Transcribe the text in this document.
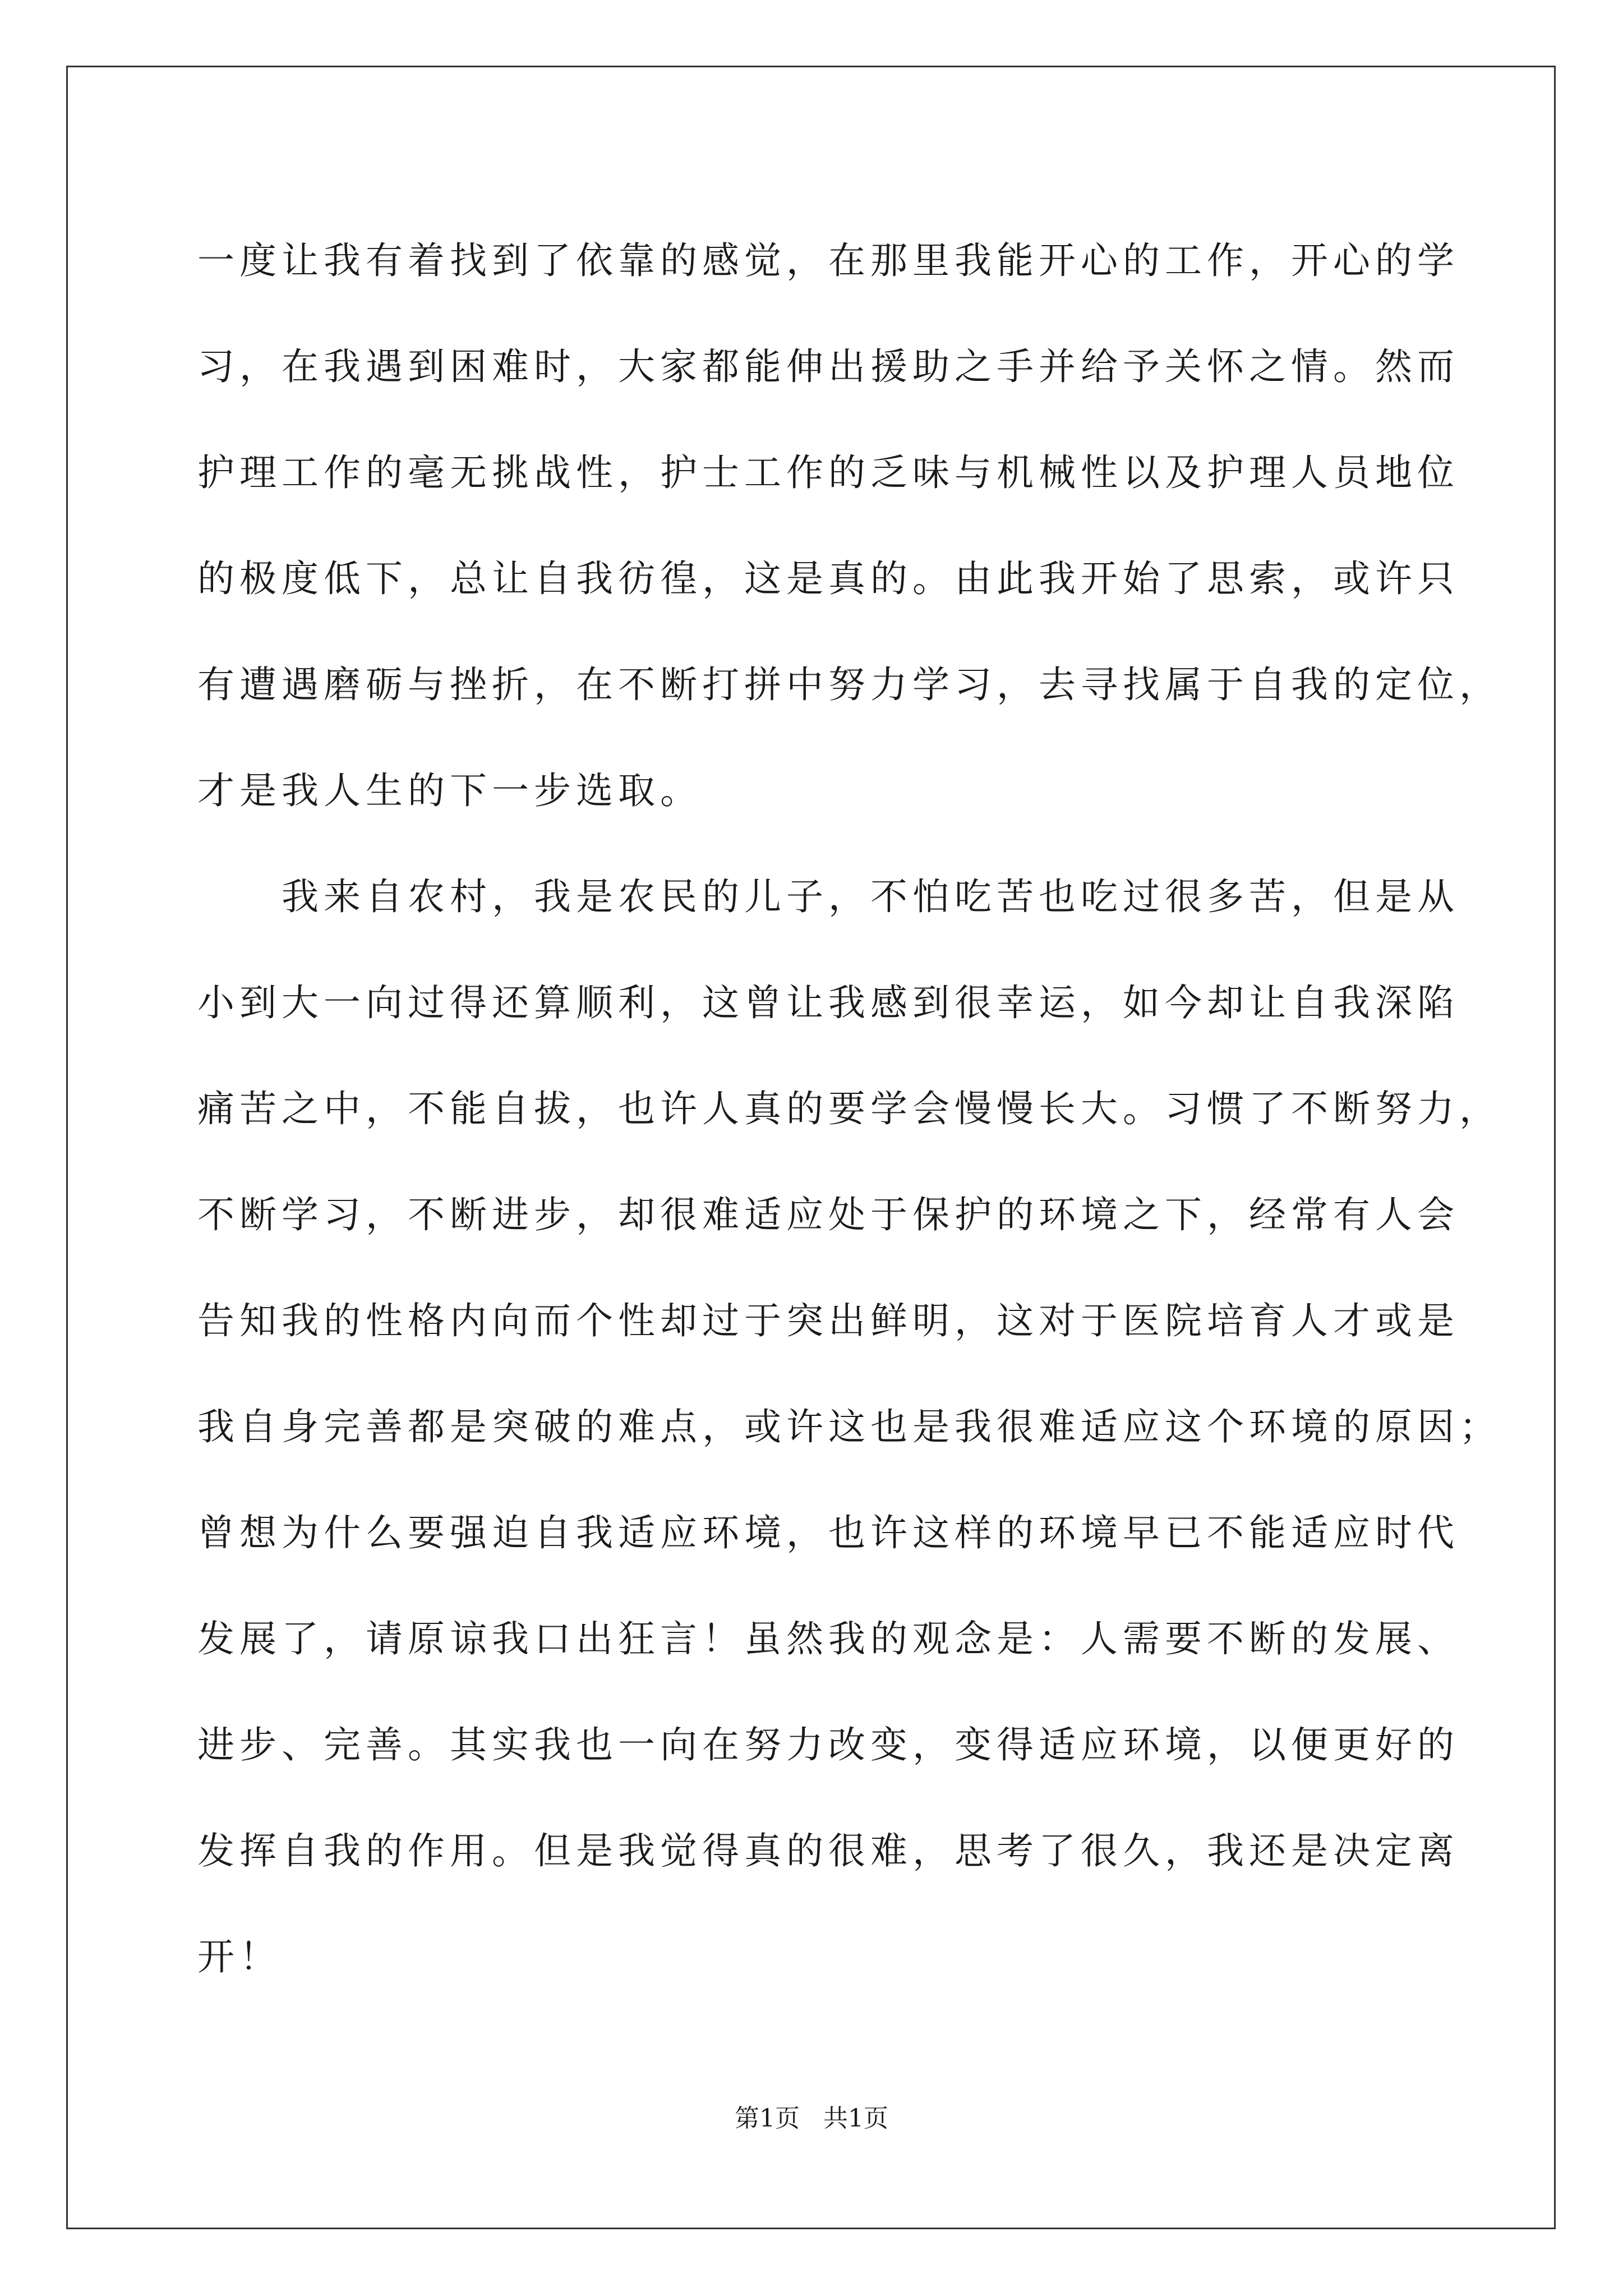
一度让我有着找到了依靠的感觉，在那里我能开心的工作，开心的学
习，在我遇到困难时，大家都能伸出援助之手并给予关怀之情。然而
护理工作的毫无挑战性，护士工作的乏味与机械性以及护理人员地位
的极度低下，总让自我彷徨，这是真的。由此我开始了思索，或许只
有遭遇磨砺与挫折，在不断打拼中努力学习，去寻找属于自我的定位，
才是我人生的下一步选取。
我来自农村，我是农民的儿子，不怕吃苦也吃过很多苦，但是从
小到大一向过得还算顺利，这曾让我感到很幸运，如今却让自我深陷
痛苦之中，不能自拔，也许人真的要学会慢慢长大。习惯了不断努力，
不断学习，不断进步，却很难适应处于保护的环境之下，经常有人会
告知我的性格内向而个性却过于突出鲜明，这对于医院培育人才或是
我自身完善都是突破的难点，或许这也是我很难适应这个环境的原因；
曾想为什么要强迫自我适应环境，也许这样的环境早已不能适应时代
发展了，请原谅我口出狂言！虽然我的观念是：人需要不断的发展、
进步、完善。其实我也一向在努力改变，变得适应环境，以便更好的
发挥自我的作用。但是我觉得真的很难，思考了很久，我还是决定离
开！
第1页 共1页
